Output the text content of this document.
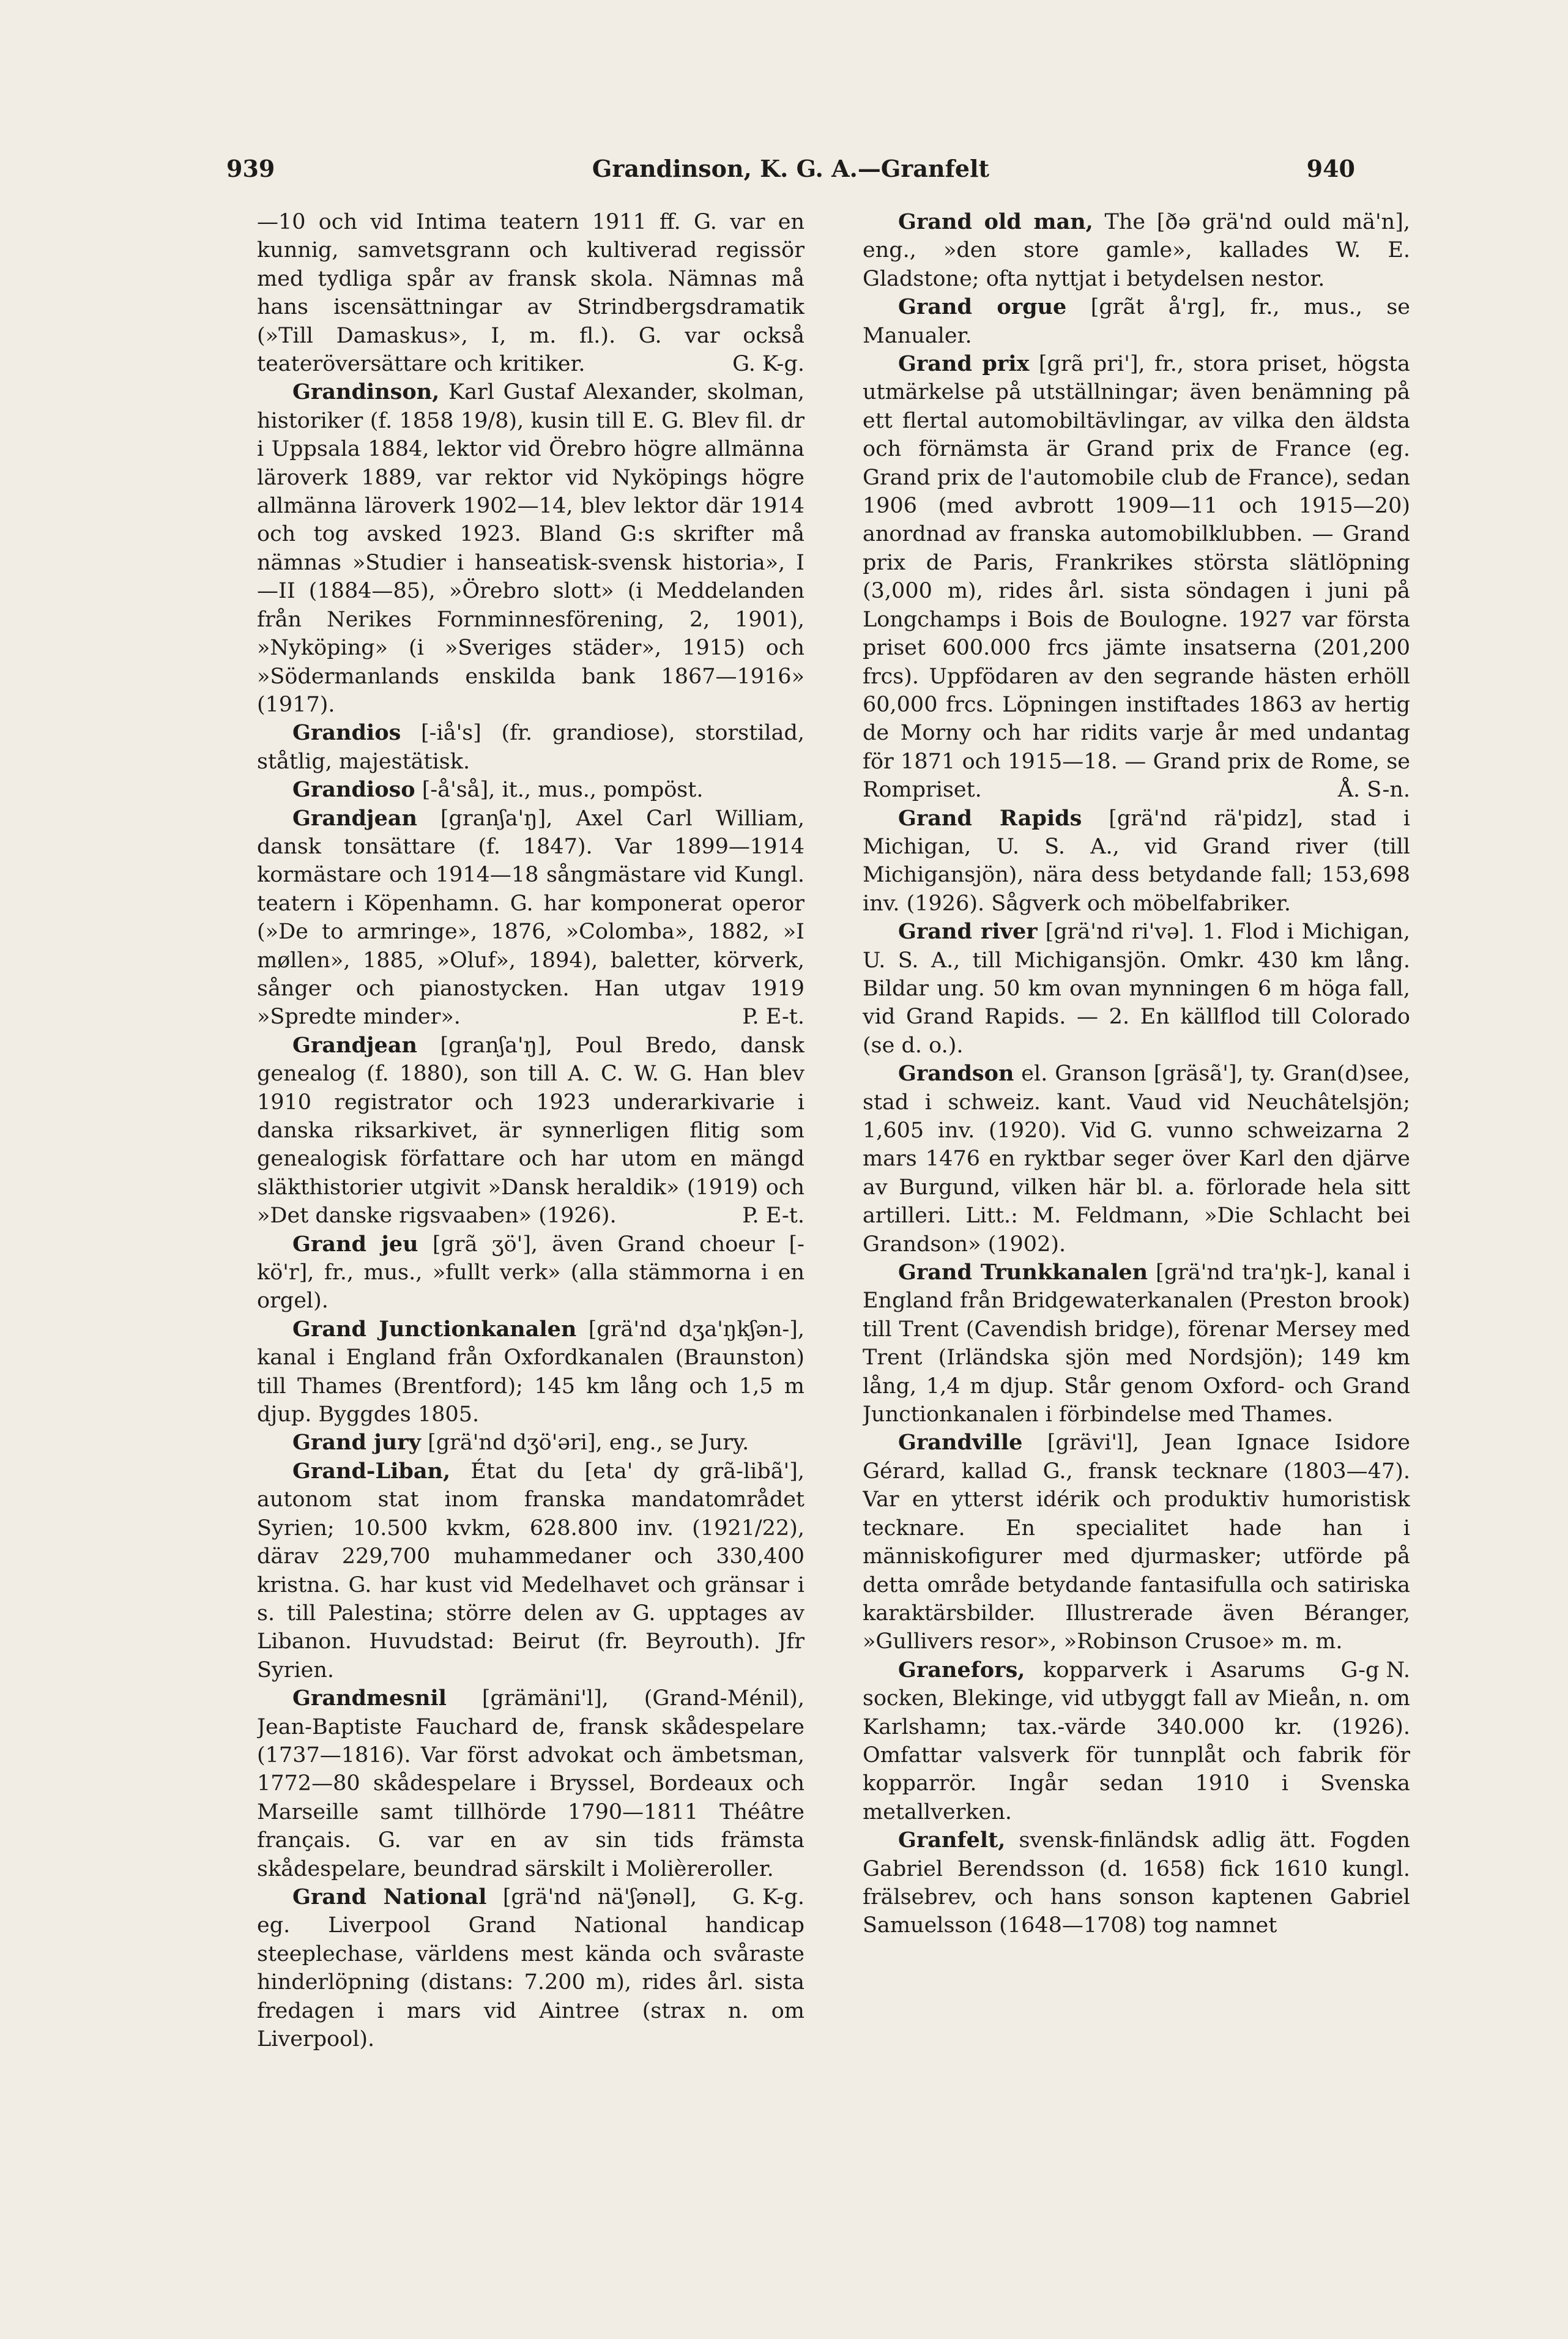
939	Grandinson, K. G. A.—Granfelt	940

—10 och vid Intima teatern 1911 ff. G. var en kunnig, samvetsgrann och kultiverad regissör med tydliga spår av fransk skola. Nämnas må hans iscensättningar av Strindbergsdramatik (»Till Damaskus», I, m. fl.). G. var också teateröversättare och kritiker.	G. K-g.

Grandinson, Karl Gustaf Alexander, skolman, historiker (f. 1858 19/8), kusin till E. G. Blev fil. dr i Uppsala 1884, lektor vid Örebro högre allmänna läroverk 1889, var rektor vid Nyköpings högre allmänna läroverk 1902—14, blev lektor där 1914 och tog avsked 1923. Bland G:s skrifter må nämnas »Studier i hanseatisk-svensk historia», I—II (1884—85), »Örebro slott» (i Meddelanden från Nerikes Fornminnesförening, 2, 1901), »Nyköping» (i »Sveriges städer», 1915) och »Södermanlands enskilda bank 1867—1916» (1917).

Grandios [-iå's] (fr. grandiose), storstilad, ståtlig, majestätisk.

Grandioso [-å'så], it., mus., pompöst.

Grandjean [granʃa'ŋ], Axel Carl William, dansk tonsättare (f. 1847). Var 1899—1914 kormästare och 1914—18 sångmästare vid Kungl. teatern i Köpenhamn. G. har komponerat operor (»De to armringe», 1876, »Colomba», 1882, »I møllen», 1885, »Oluf», 1894), baletter, körverk, sånger och pianostycken. Han utgav 1919 »Spredte minder».	P. E-t.

Grandjean [granʃa'ŋ], Poul Bredo, dansk genealog (f. 1880), son till A. C. W. G. Han blev 1910 registrator och 1923 underarkivarie i danska riksarkivet, är synnerligen flitig som genealogisk författare och har utom en mängd släkthistorier utgivit »Dansk heraldik» (1919) och »Det danske rigsvaaben» (1926).	P. E-t.

Grand jeu [grã ʒö'], även Grand choeur [-kö'r], fr., mus., »fullt verk» (alla stämmorna i en orgel).

Grand Junctionkanalen [grä'nd dʒa'ŋkʃən-], kanal i England från Oxfordkanalen (Braunston) till Thames (Brentford); 145 km lång och 1,5 m djup. Byggdes 1805.

Grand jury [grä'nd dʒö'əri], eng., se Jury.

Grand-Liban, État du [eta' dy grã-libã'], autonom stat inom franska mandatområdet Syrien; 10.500 kvkm, 628.800 inv. (1921/22), därav 229,700 muhammedaner och 330,400 kristna. G. har kust vid Medelhavet och gränsar i s. till Palestina; större delen av G. upptages av Libanon. Huvudstad: Beirut (fr. Beyrouth). Jfr Syrien.

Grandmesnil [grämäni'l], (Grand-Ménil), Jean-Baptiste Fauchard de, fransk skådespelare (1737—1816). Var först advokat och ämbetsman, 1772—80 skådespelare i Bryssel, Bordeaux och Marseille samt tillhörde 1790—1811 Théâtre français. G. var en av sin tids främsta skådespelare, beundrad särskilt i Molièreroller.
G. K-g.

Grand National [grä'nd nä'ʃənəl], eg. Liverpool Grand National handicap steeplechase, världens mest kända och svåraste hinderlöpning (distans: 7.200 m), rides årl. sista fredagen i mars vid Aintree (strax n. om Liverpool).

Grand old man, The [ðə grä'nd ould mä'n], eng., »den store gamle», kallades W. E. Gladstone; ofta nyttjat i betydelsen nestor.

Grand orgue [grãt å'rg], fr., mus., se Manualer.

Grand prix [grã pri'], fr., stora priset, högsta utmärkelse på utställningar; även benämning på ett flertal automobiltävlingar, av vilka den äldsta och förnämsta är Grand prix de France (eg. Grand prix de l'automobile club de France), sedan 1906 (med avbrott 1909—11 och 1915—20) anordnad av franska automobilklubben. — Grand prix de Paris, Frankrikes största slätlöpning (3,000 m), rides årl. sista söndagen i juni på Longchamps i Bois de Boulogne. 1927 var första priset 600.000 frcs jämte insatserna (201,200 frcs). Uppfödaren av den segrande hästen erhöll 60,000 frcs. Löpningen instiftades 1863 av hertig de Morny och har ridits varje år med undantag för 1871 och 1915—18. — Grand prix de Rome, se Rompriset.	Å. S-n.

Grand Rapids [grä'nd rä'pidz], stad i Michigan, U. S. A., vid Grand river (till Michigansjön), nära dess betydande fall; 153,698 inv. (1926). Sågverk och möbelfabriker.

Grand river [grä'nd ri'və]. 1. Flod i Michigan, U. S. A., till Michigansjön. Omkr. 430 km lång. Bildar ung. 50 km ovan mynningen 6 m höga fall, vid Grand Rapids. — 2. En källflod till Colorado (se d. o.).

Grandson el. Granson [gräsã'], ty. Gran(d)see, stad i schweiz. kant. Vaud vid Neuchâtelsjön; 1,605 inv. (1920). Vid G. vunno schweizarna 2 mars 1476 en ryktbar seger över Karl den djärve av Burgund, vilken här bl. a. förlorade hela sitt artilleri. Litt.: M. Feldmann, »Die Schlacht bei Grandson» (1902).

Grand Trunkkanalen [grä'nd tra'ŋk-], kanal i England från Bridgewaterkanalen (Preston brook) till Trent (Cavendish bridge), förenar Mersey med Trent (Irländska sjön med Nordsjön); 149 km lång, 1,4 m djup. Står genom Oxford- och Grand Junctionkanalen i förbindelse med Thames.

Grandville [grävi'l], Jean Ignace Isidore Gérard, kallad G., fransk tecknare (1803—47). Var en ytterst idérik och produktiv humoristisk tecknare. En specialitet hade han i människofigurer med djurmasker; utförde på detta område betydande fantasifulla och satiriska karaktärsbilder. Illustrerade även Béranger, »Gullivers resor», »Robinson Crusoe» m. m.
G-g N.

Granefors, kopparverk i Asarums socken, Blekinge, vid utbyggt fall av Mieån, n. om Karlshamn; tax.-värde 340.000 kr. (1926). Omfattar valsverk för tunnplåt och fabrik för kopparrör. Ingår sedan 1910 i Svenska metallverken.

Granfelt, svensk-finländsk adlig ätt. Fogden Gabriel Berendsson (d. 1658) fick 1610 kungl. frälsebrev, och hans sonson kaptenen Gabriel Samuelsson (1648—1708) tog namnet
